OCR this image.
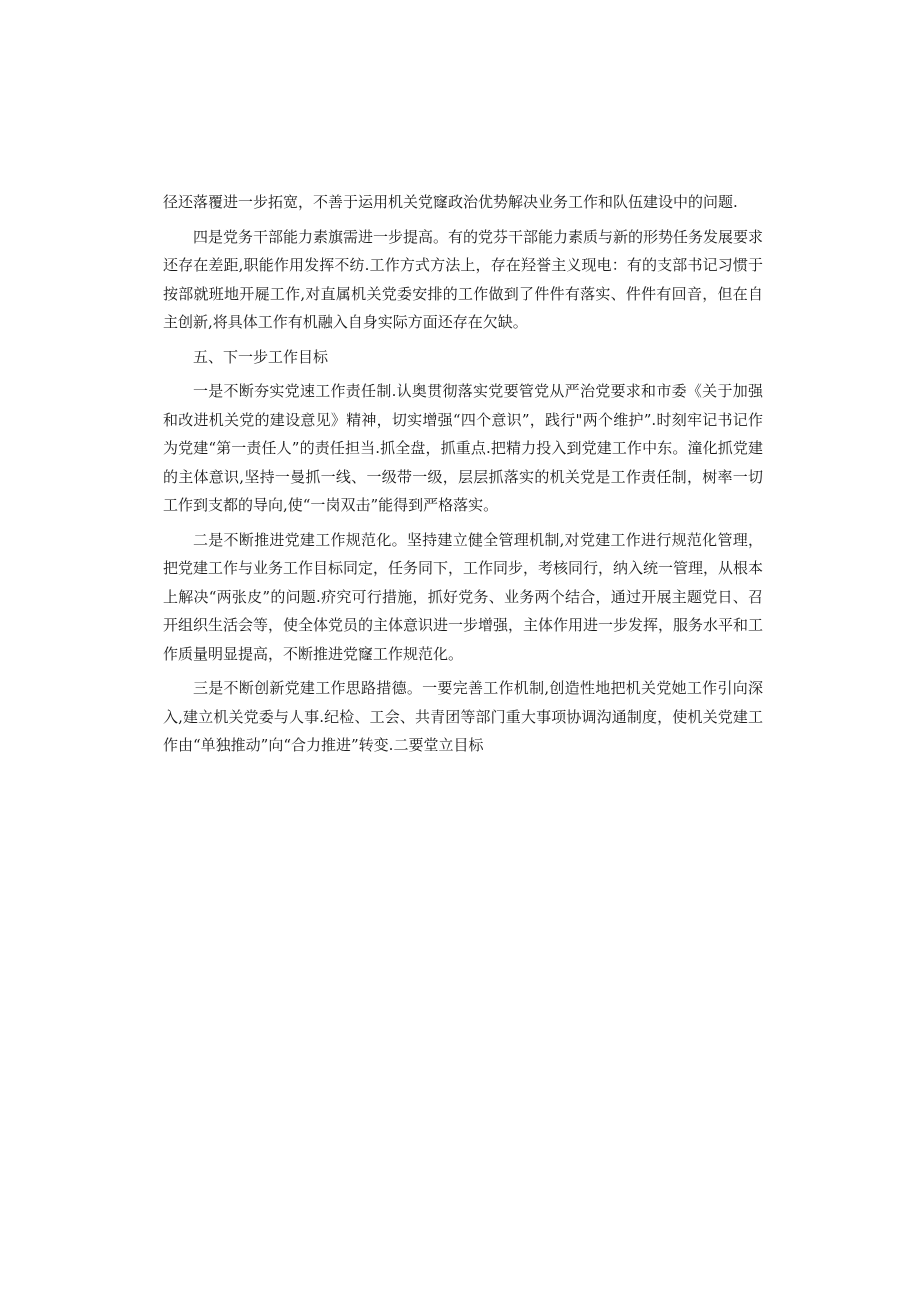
径还落覆进一步拓宽，不善于运用机关党窿政治优势解决业务工作和队伍建设中的问题.

四是党务干部能力素旗需进一步提高。有的党芬干部能力素质与新的形势任务发展要求还存在差距,职能作用发挥不纺.工作方式方法上，存在羟誉主义现电：有的支部书记习惯于按部就班地开屣工作,对直属机关党委安排的工作做到了件件有落实、件件有回音，但在自主创新,将具体工作有机融入自身实际方面还存在欠缺。

五、下一步工作目标

一是不断夯实党速工作责任制.认奥贯彻落实党要管党从严治党要求和市委《关于加强和改进机关党的建设意见》精神，切实增强“四个意识”，践行"两个维护”.时刻牢记书记作为党建“第一责任人”的责任担当.抓全盘，抓重点.把精力投入到党建工作中东。潼化抓党建的主体意识,坚持一曼抓一线、一级带一级，层层抓落实的机关党是工作责任制，树率一切工作到支都的导向,使“一岗双击”能得到严格落实。

二是不断推进党建工作规范化。坚持建立健全管理机制,对党建工作进行规范化管理，把党建工作与业务工作目标同定，任务同下，工作同步，考核同行，纳入统一管理，从根本上解决“两张皮”的问题.疥究可行措施，抓好党务、业务两个结合，通过开展主题党日、召开组织生活会等，使全体党员的主体意识进一步增强，主体作用进一步发挥，服务水平和工作质量明显提高，不断推进党窿工作规范化。

三是不断创新党建工作思路措德。一要完善工作机制,创造性地把机关党她工作引向深入,建立机关党委与人事.纪检、工会、共青团等部门重大事项协调沟通制度，使机关党建工作由“单独推动”向“合力推进”转变.二要堂立目标
